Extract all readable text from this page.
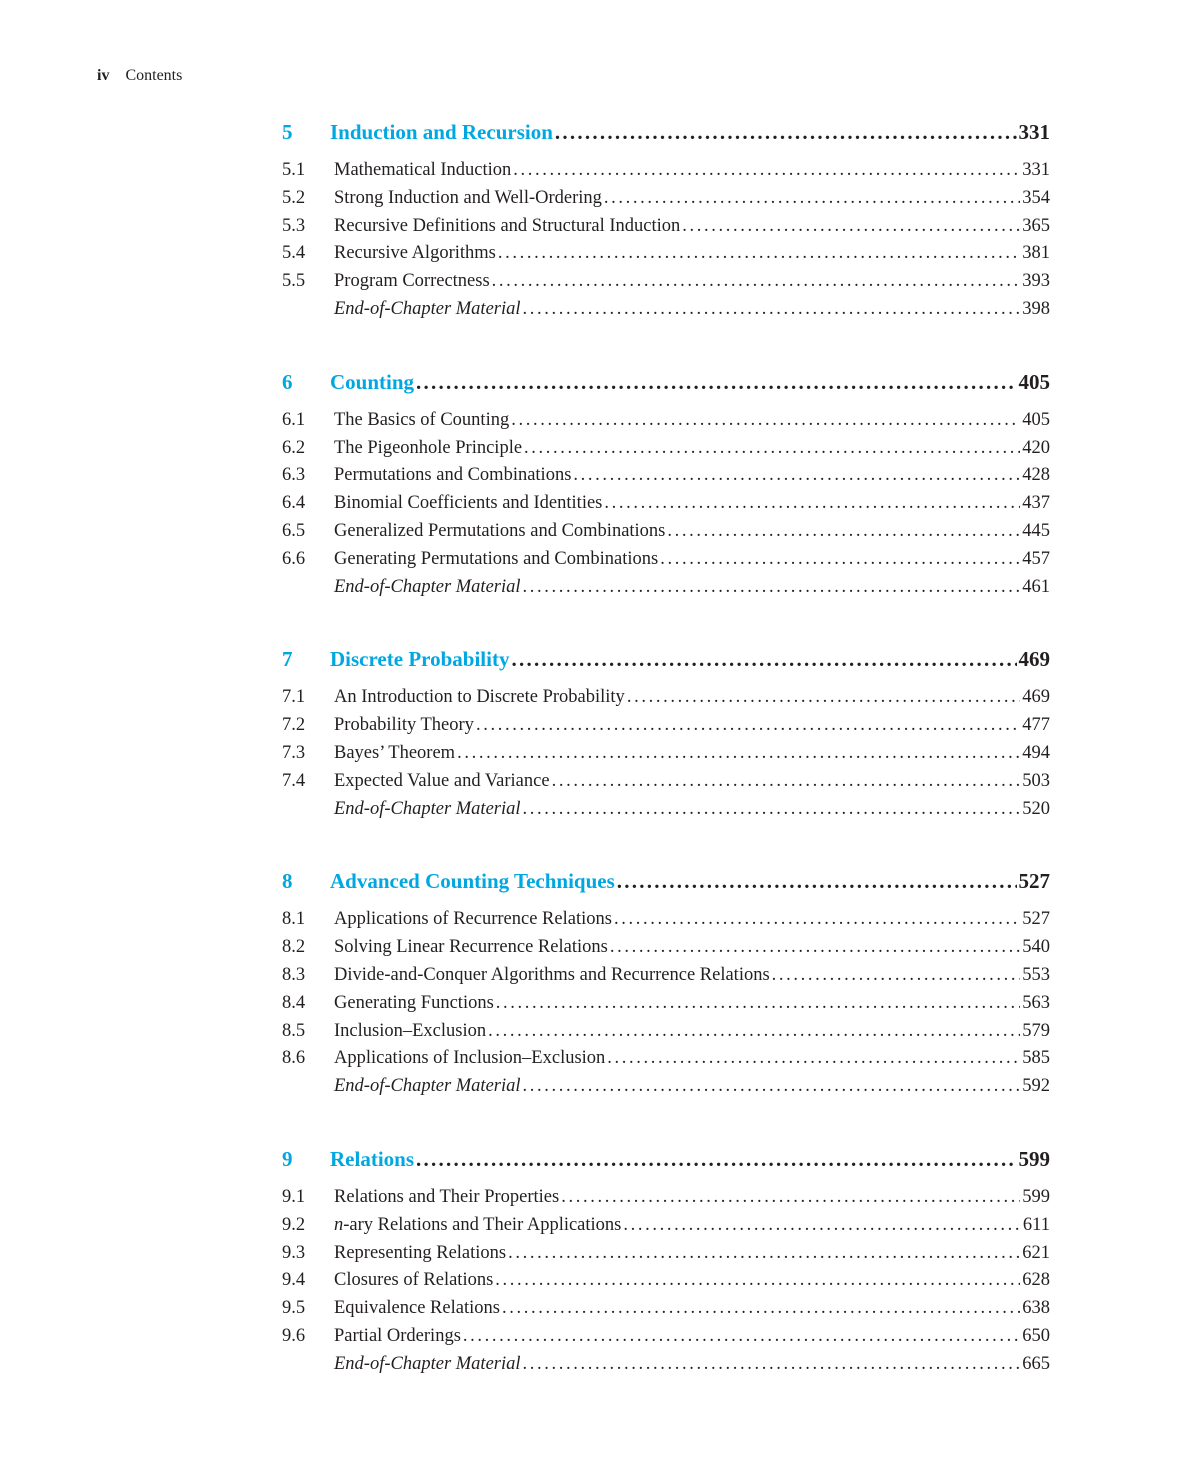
iv Contents
5	Induction and Recursion . . .	331
5.1	Mathematical Induction . . .	331
5.2	Strong Induction and Well-Ordering . . .	354
5.3	Recursive Definitions and Structural Induction . . .	365
5.4	Recursive Algorithms . . .	381
5.5	Program Correctness . . .	393
End-of-Chapter Material . . .	398
6	Counting . . .	405
6.1	The Basics of Counting . . .	405
6.2	The Pigeonhole Principle . . .	420
6.3	Permutations and Combinations . . .	428
6.4	Binomial Coefficients and Identities . . .	437
6.5	Generalized Permutations and Combinations . . .	445
6.6	Generating Permutations and Combinations . . .	457
End-of-Chapter Material . . .	461
7	Discrete Probability . . .	469
7.1	An Introduction to Discrete Probability . . .	469
7.2	Probability Theory . . .	477
7.3	Bayes’ Theorem . . .	494
7.4	Expected Value and Variance . . .	503
End-of-Chapter Material . . .	520
8	Advanced Counting Techniques . . .	527
8.1	Applications of Recurrence Relations . . .	527
8.2	Solving Linear Recurrence Relations . . .	540
8.3	Divide-and-Conquer Algorithms and Recurrence Relations . . .	553
8.4	Generating Functions . . .	563
8.5	Inclusion–Exclusion . . .	579
8.6	Applications of Inclusion–Exclusion . . .	585
End-of-Chapter Material . . .	592
9	Relations . . .	599
9.1	Relations and Their Properties . . .	599
9.2	n-ary Relations and Their Applications . . .	611
9.3	Representing Relations . . .	621
9.4	Closures of Relations . . .	628
9.5	Equivalence Relations . . .	638
9.6	Partial Orderings . . .	650
End-of-Chapter Material . . .	665
